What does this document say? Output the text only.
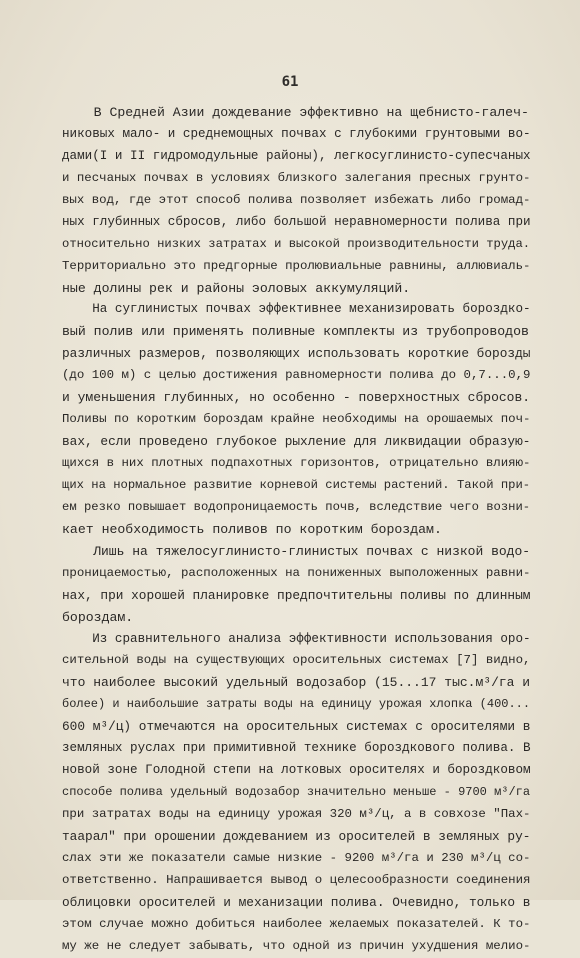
61
В Средней Азии дождевание эффективно на щебнисто-галеч-
никовых мало- и среднемощных почвах с глубокими грунтовыми во-
дами(I и II гидромодульные районы), легкосуглинисто-супесчаных
и песчаных почвах в условиях близкого залегания пресных грунто-
вых вод, где этот способ полива позволяет избежать либо громад-
ных глубинных сбросов, либо большой неравномерности полива при
относительно низких затратах и высокой производительности труда.
Территориально это предгорные пролювиальные равнины, аллювиаль-
ные долины рек и районы эоловых аккумуляций.
На суглинистых почвах эффективнее механизировать бороздко-
вый полив или применять поливные комплекты из трубопроводов
различных размеров, позволяющих использовать короткие борозды
(до 100 м) с целью достижения равномерности полива до 0,7...0,9
и уменьшения глубинных, но особенно - поверхностных сбросов.
Поливы по коротким бороздам крайне необходимы на орошаемых поч-
вах, если проведено глубокое рыхление для ликвидации образую-
щихся в них плотных подпахотных горизонтов, отрицательно влияю-
щих на нормальное развитие корневой системы растений. Такой при-
ем резко повышает водопроницаемость почв, вследствие чего возни-
кает необходимость поливов по коротким бороздам.
Лишь на тяжелосуглинисто-глинистых почвах с низкой водо-
проницаемостью, расположенных на пониженных выположенных равни-
нах, при хорошей планировке предпочтительны поливы по длинным
бороздам.
Из сравнительного анализа эффективности использования оро-
сительной воды на существующих оросительных системах [7] видно,
что наиболее высокий удельный водозабор (15...17 тыс.м³/га и
более) и наибольшие затраты воды на единицу урожая хлопка (400...
600 м³/ц) отмечаются на оросительных системах с оросителями в
земляных руслах при примитивной технике бороздкового полива. В
новой зоне Голодной степи на лотковых оросителях и бороздковом
способе полива удельный водозабор значительно меньше - 9700 м³/га
при затратах воды на единицу урожая 320 м³/ц, а в совхозе "Пах-
таарал" при орошении дождеванием из оросителей в земляных ру-
слах эти же показатели самые низкие - 9200 м³/га и 230 м³/ц со-
ответственно. Напрашивается вывод о целесообразности соединения
облицовки оросителей и механизации полива. Очевидно, только в
этом случае можно добиться наиболее желаемых показателей. К то-
му же не следует забывать, что одной из причин ухудшения мелио-
